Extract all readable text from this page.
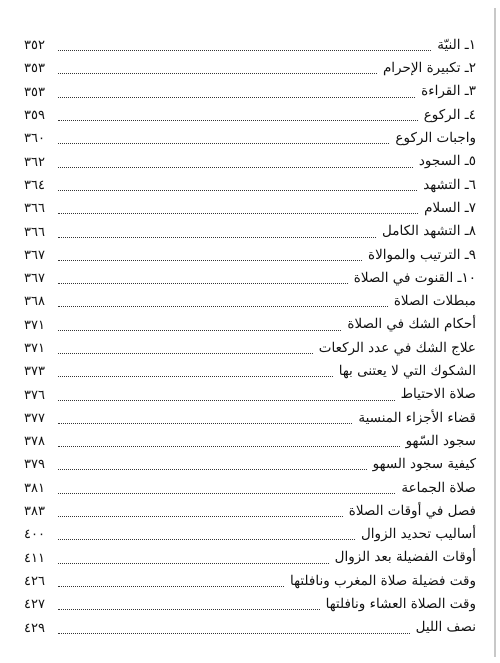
١ـ النيّة
٣٥٢
٢ـ تكبيرة الإحرام
٣٥٣
٣ـ القراءة
٣٥٣
٤ـ الركوع
٣٥٩
واجبات الركوع
٣٦٠
٥ـ السجود
٣٦٢
٦ـ التشهد
٣٦٤
٧ـ السلام
٣٦٦
٨ـ التشهد الكامل
٣٦٦
٩ـ الترتيب والموالاة
٣٦٧
١٠ـ القنوت في الصلاة
٣٦٧
مبطلات الصلاة
٣٦٨
أحكام الشك في الصلاة
٣٧١
علاج الشك في عدد الركعات
٣٧١
الشكوك التي لا يعتنى بها
٣٧٣
صلاة الاحتياط
٣٧٦
قضاء الأجزاء المنسية
٣٧٧
سجود السّهو
٣٧٨
كيفية سجود السهو
٣٧٩
صلاة الجماعة
٣٨١
فصل في أوقات الصلاة
٣٨٣
أساليب تحديد الزوال
٤٠٠
أوقات الفضيلة بعد الزوال
٤١١
وقت فضيلة صلاة المغرب ونافلتها
٤٢٦
وقت الصلاة العشاء ونافلتها
٤٢٧
نصف الليل
٤٢٩
